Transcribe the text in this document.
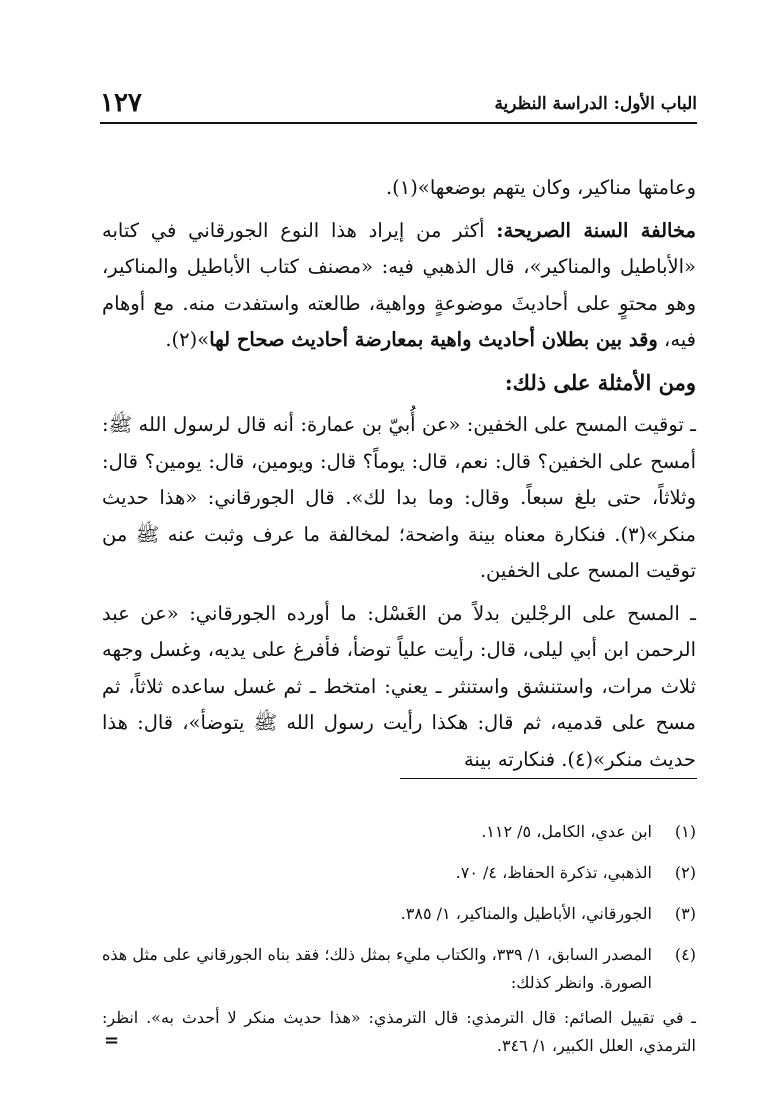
الباب الأول: الدراسة النظرية
١٢٧

وعامتها مناكير، وكان يتهم بوضعها»(١).

مخالفة السنة الصريحة: أكثر من إيراد هذا النوع الجورقاني في كتابه «الأباطيل والمناكير»، قال الذهبي فيه: «مصنف كتاب الأباطيل والمناكير، وهو محتوٍ على أحاديثَ موضوعةٍ وواهية، طالعته واستفدت منه. مع أوهام فيه، وقد بين بطلان أحاديث واهية بمعارضة أحاديث صحاح لها»(٢).

ومن الأمثلة على ذلك:

ـ توقيت المسح على الخفين: «عن أُبيّ بن عمارة: أنه قال لرسول الله ﷺ: أمسح على الخفين؟ قال: نعم، قال: يوماً؟ قال: ويومين، قال: يومين؟ قال: وثلاثاً، حتى بلغ سبعاً. وقال: وما بدا لك». قال الجورقاني: «هذا حديث منكر»(٣). فنكارة معناه بينة واضحة؛ لمخالفة ما عرف وثبت عنه ﷺ من توقيت المسح على الخفين.

ـ المسح على الرجْلين بدلاً من الغَسْل: ما أورده الجورقاني: «عن عبد الرحمن ابن أبي ليلى، قال: رأيت علياً توضأ، فأفرغ على يديه، وغسل وجهه ثلاث مرات، واستنشق واستنثر ـ يعني: امتخط ـ ثم غسل ساعده ثلاثاً، ثم مسح على قدميه، ثم قال: هكذا رأيت رسول الله ﷺ يتوضأ»، قال: هذا حديث منكر»(٤). فنكارته بينة

(١)
ابن عدي، الكامل، ٥/ ١١٢.
(٢)
الذهبي، تذكرة الحفاظ، ٤/ ٧٠.
(٣)
الجورقاني، الأباطيل والمناكير، ١/ ٣٨٥.
(٤)
المصدر السابق، ١/ ٣٣٩، والكتاب مليء بمثل ذلك؛ فقد بناه الجورقاني على مثل هذه الصورة. وانظر كذلك:

ـ في تقييل الصائم: قال الترمذي: قال الترمذي: «هذا حديث منكر لا أحدث به». انظر: الترمذي، العلل الكبير، ١/ ٣٤٦.

=
